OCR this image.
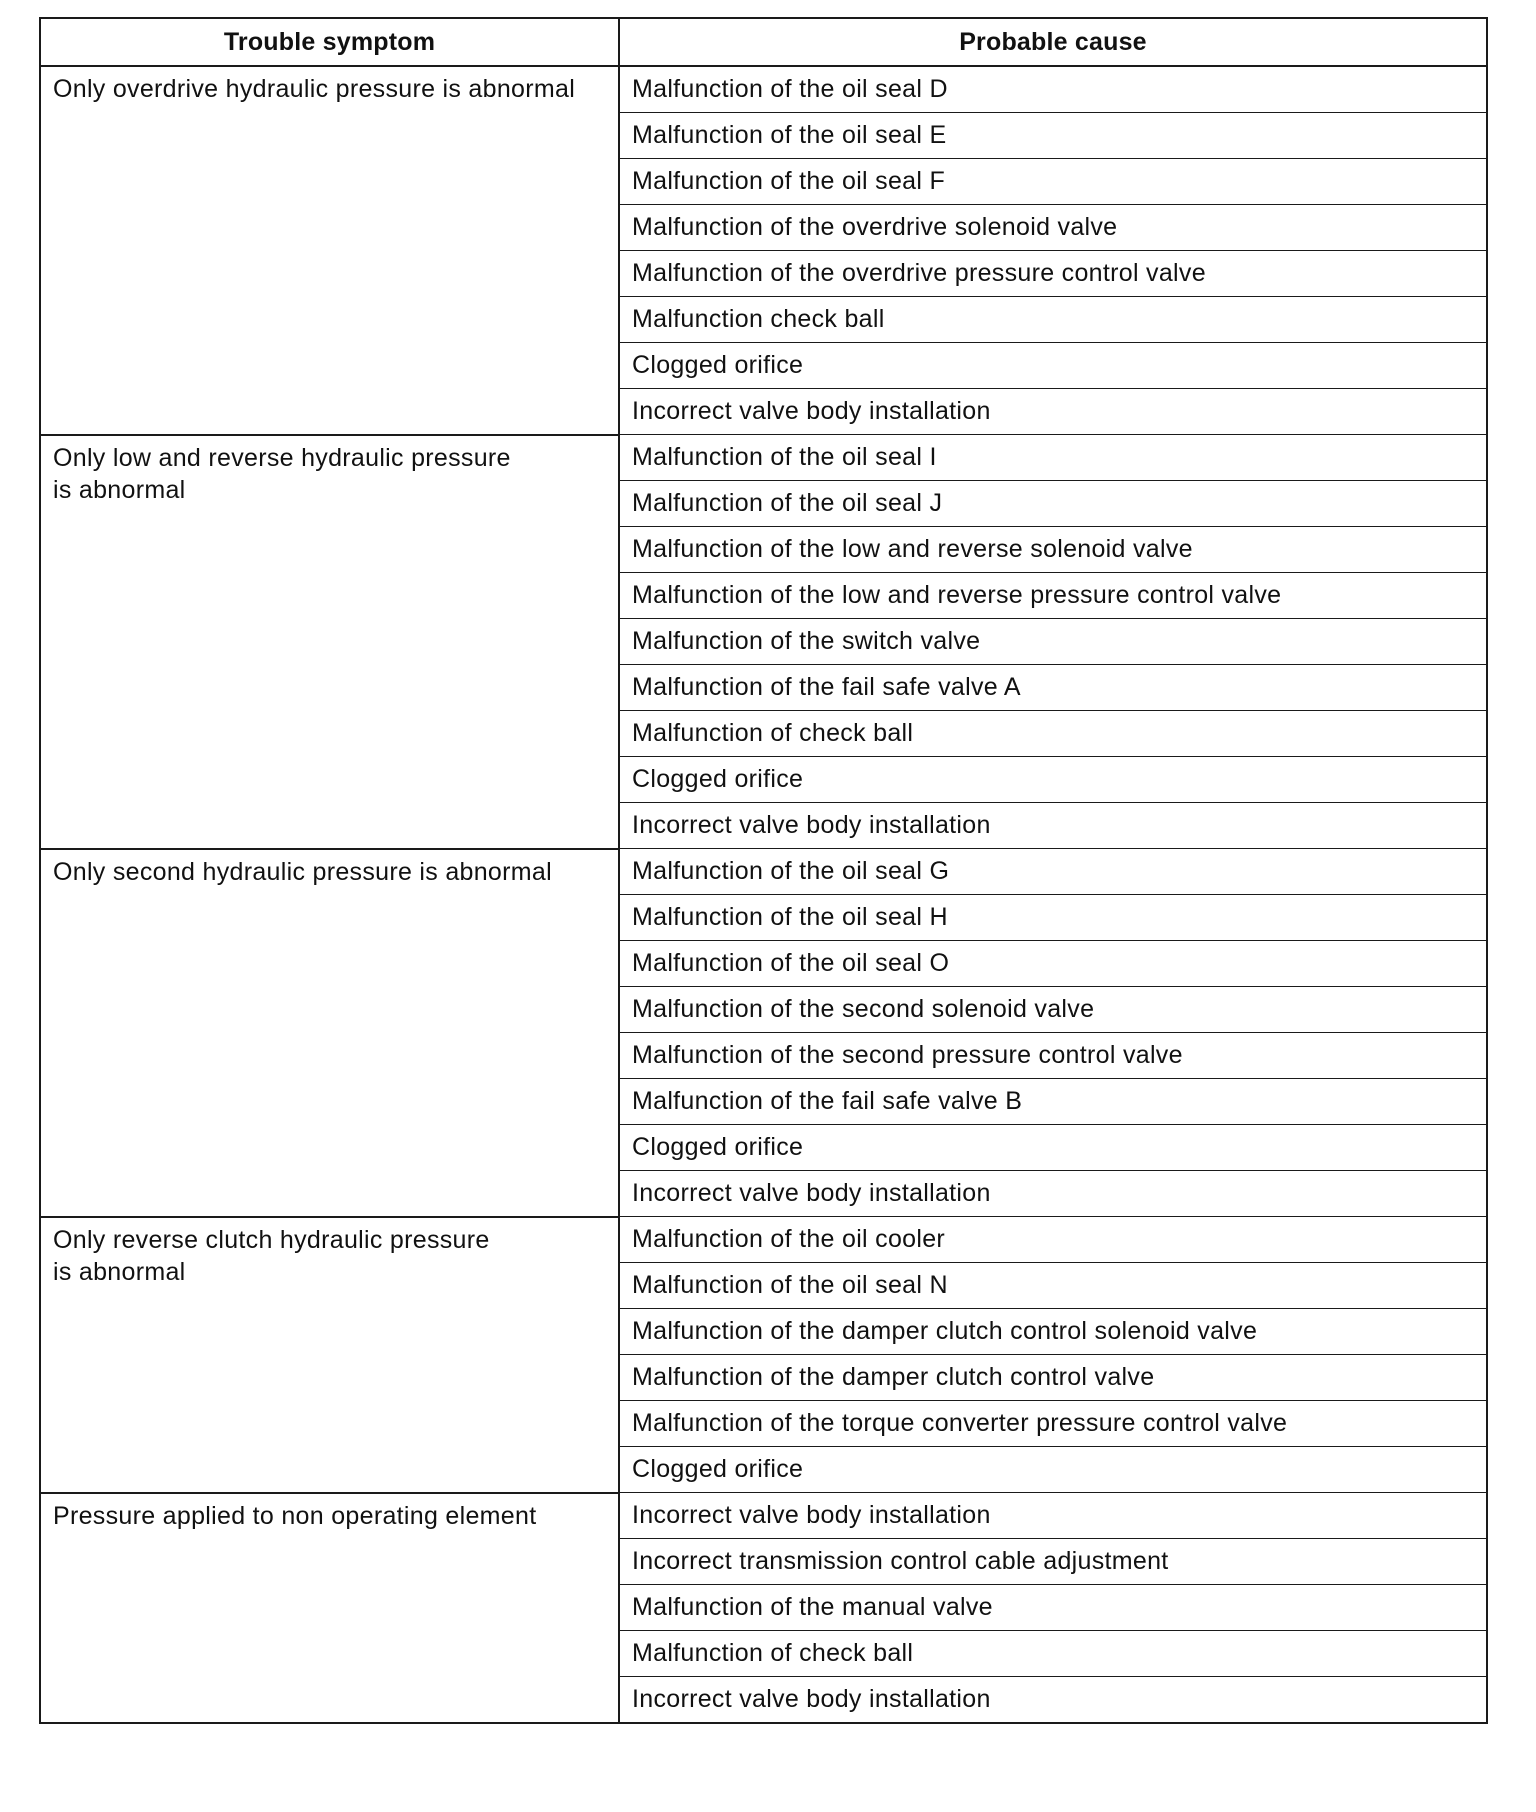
Trouble symptom	Probable cause
Only overdrive hydraulic pressure is abnormal	Malfunction of the oil seal D
	Malfunction of the oil seal E
	Malfunction of the oil seal F
	Malfunction of the overdrive solenoid valve
	Malfunction of the overdrive pressure control valve
	Malfunction check ball
	Clogged orifice
	Incorrect valve body installation
Only low and reverse hydraulic pressure
is abnormal	Malfunction of the oil seal I
	Malfunction of the oil seal J
	Malfunction of the low and reverse solenoid valve
	Malfunction of the low and reverse pressure control valve
	Malfunction of the switch valve
	Malfunction of the fail safe valve A
	Malfunction of check ball
	Clogged orifice
	Incorrect valve body installation
Only second hydraulic pressure is abnormal	Malfunction of the oil seal G
	Malfunction of the oil seal H
	Malfunction of the oil seal O
	Malfunction of the second solenoid valve
	Malfunction of the second pressure control valve
	Malfunction of the fail safe valve B
	Clogged orifice
	Incorrect valve body installation
Only reverse clutch hydraulic pressure
is abnormal	Malfunction of the oil cooler
	Malfunction of the oil seal N
	Malfunction of the damper clutch control solenoid valve
	Malfunction of the damper clutch control valve
	Malfunction of the torque converter pressure control valve
	Clogged orifice
Pressure applied to non operating element	Incorrect valve body installation
	Incorrect transmission control cable adjustment
	Malfunction of the manual valve
	Malfunction of check ball
	Incorrect valve body installation
